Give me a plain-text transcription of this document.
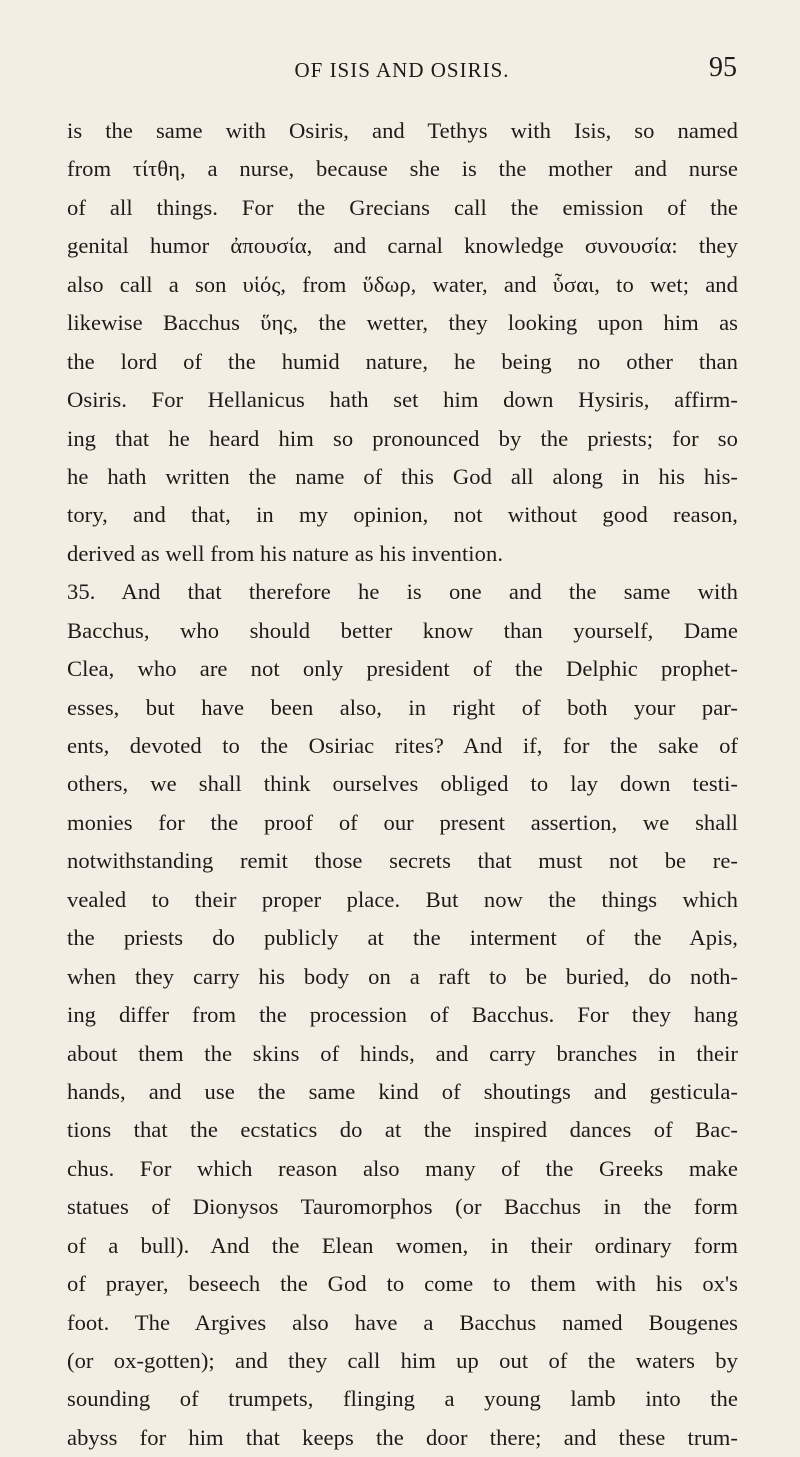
OF ISIS AND OSIRIS.	95
is the same with Osiris, and Tethys with Isis, so named
from τίτθη, a nurse, because she is the mother and nurse
of all things. For the Grecians call the emission of the
genital humor ἀπουσία, and carnal knowledge συνουσία: they
also call a son υἱός, from ὕδωρ, water, and ὗσαι, to wet; and
likewise Bacchus ὕης, the wetter, they looking upon him as
the lord of the humid nature, he being no other than
Osiris. For Hellanicus hath set him down Hysiris, affirm-
ing that he heard him so pronounced by the priests; for so
he hath written the name of this God all along in his his-
tory, and that, in my opinion, not without good reason,
derived as well from his nature as his invention.
35. And that therefore he is one and the same with
Bacchus, who should better know than yourself, Dame
Clea, who are not only president of the Delphic prophet-
esses, but have been also, in right of both your par-
ents, devoted to the Osiriac rites? And if, for the sake of
others, we shall think ourselves obliged to lay down testi-
monies for the proof of our present assertion, we shall
notwithstanding remit those secrets that must not be re-
vealed to their proper place. But now the things which
the priests do publicly at the interment of the Apis,
when they carry his body on a raft to be buried, do noth-
ing differ from the procession of Bacchus. For they hang
about them the skins of hinds, and carry branches in their
hands, and use the same kind of shoutings and gesticula-
tions that the ecstatics do at the inspired dances of Bac-
chus. For which reason also many of the Greeks make
statues of Dionysos Tauromorphos (or Bacchus in the form
of a bull). And the Elean women, in their ordinary form
of prayer, beseech the God to come to them with his ox's
foot. The Argives also have a Bacchus named Bougenes
(or ox-gotten); and they call him up out of the waters by
sounding of trumpets, flinging a young lamb into the
abyss for him that keeps the door there; and these trum-
